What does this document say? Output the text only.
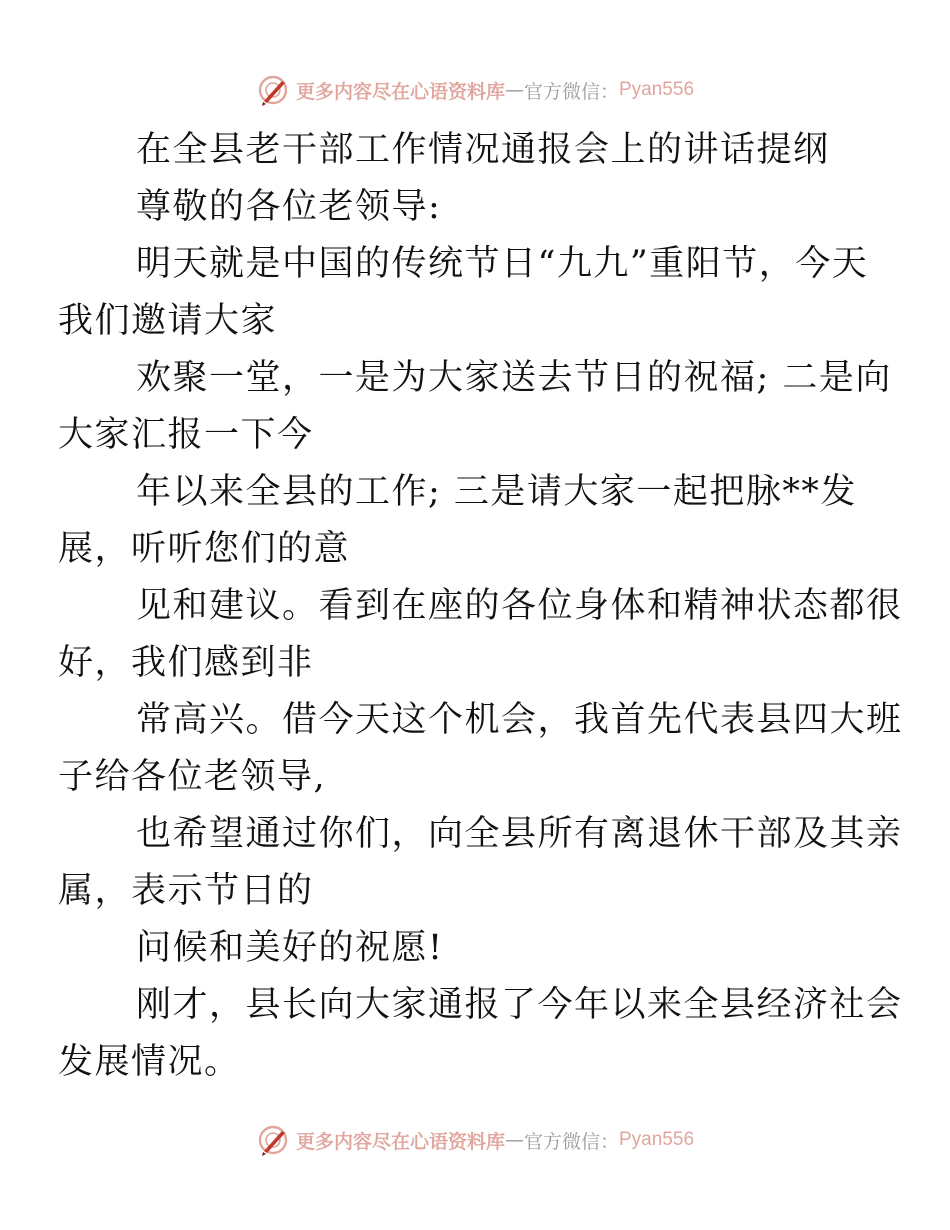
更多内容尽在心语资料库 — 官方微信： Pyan556

在全县老干部工作情况通报会上的讲话提纲

尊敬的各位老领导:

明天就是中国的传统节日“九九”重阳节，今天
我们邀请大家

欢聚一堂，一是为大家送去节日的祝福; 二是向
大家汇报一下今

年以来全县的工作; 三是请大家一起把脉**发
展，听听您们的意

见和建议。看到在座的各位身体和精神状态都很
好，我们感到非

常高兴。借今天这个机会，我首先代表县四大班
子给各位老领导,

也希望通过你们，向全县所有离退休干部及其亲
属，表示节日的

问候和美好的祝愿!

刚才，县长向大家通报了今年以来全县经济社会
发展情况。

更多内容尽在心语资料库 — 官方微信： Pyan556
